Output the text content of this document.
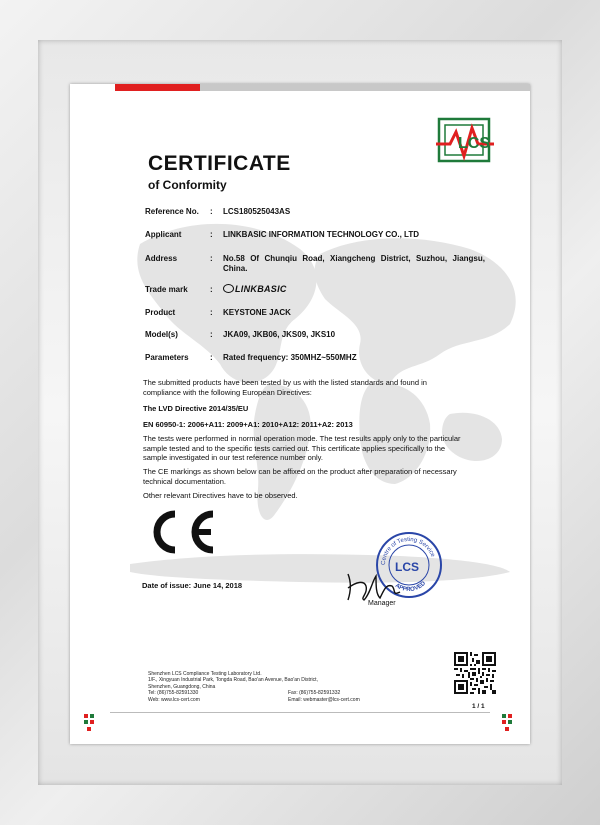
LCS
CERTIFICATE
of Conformity
Reference No. : LCS180525043AS
Applicant	: LINKBASIC INFORMATION TECHNOLOGY CO., LTD
Address	: No.58 Of Chunqiu Road, Xiangcheng District, Suzhou, Jiangsu, China.
Trade mark	:	LINKBASIC
Product	: KEYSTONE JACK
Model(s)	: JKA09, JKB06, JKS09, JKS10
Parameters	: Rated frequency: 350MHZ~550MHZ
The submitted products have been tested by us with the listed standards and found in compliance with the following European Directives:
The LVD Directive 2014/35/EU
EN 60950-1: 2006+A11: 2009+A1: 2010+A12: 2011+A2: 2013
The tests were performed in normal operation mode. The test results apply only to the particular sample tested and to the specific tests carried out. This certificate applies specifically to the sample investigated in our test reference number only.
The CE markings as shown below can be affixed on the product after preparation of necessary technical documentation.
Other relevant Directives have to be observed.
Date of issue: June 14, 2018
Centre of Testing Service
APPROVED
LCS
Manager
Shenzhen LCS Compliance Testing Laboratory Ltd.
1/F., Xingyuan Industrial Park, Tongda Road, Bao'an Avenue, Bao'an District,
Shenzhen, Guangdong, China
Tel: (86)755-82591330	Fax: (86)755-82591332
Web: www.lcs-cert.com	Email: webmaster@lcs-cert.com
1 / 1
